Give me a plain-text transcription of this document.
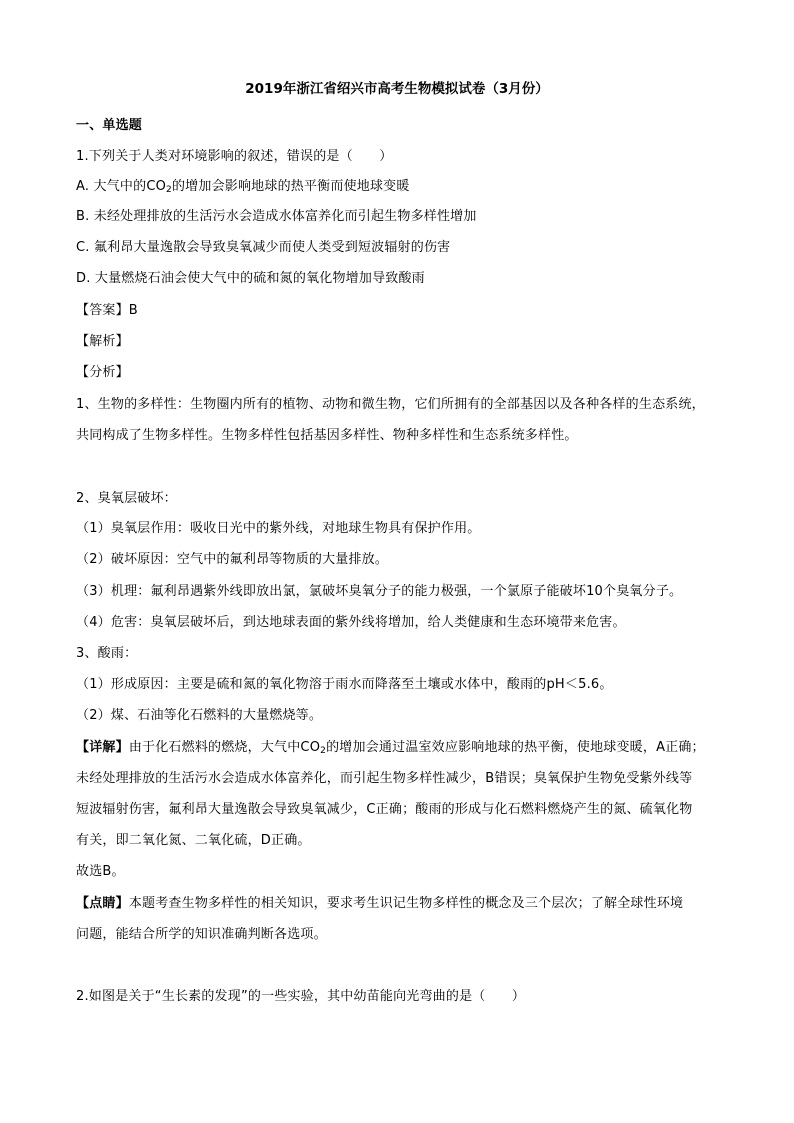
2019年浙江省绍兴市高考生物模拟试卷（3月份）
一、单选题
1.下列关于人类对环境影响的叙述，错误的是（　　）
A. 大气中的$CO_2$的增加会影响地球的热平衡而使地球变暖
B. 未经处理排放的生活污水会造成水体富养化而引起生物多样性增加
C. 氟利昂大量逸散会导致臭氧减少而使人类受到短波辐射的伤害
D. 大量燃烧石油会使大气中的硫和氮的氧化物增加导致酸雨
【答案】B
【解析】
【分析】
1、生物的多样性：生物圈内所有的植物、动物和微生物，它们所拥有的全部基因以及各种各样的生态系统，
共同构成了生物多样性。生物多样性包括基因多样性、物种多样性和生态系统多样性。
2、臭氧层破坏：
（1）臭氧层作用：吸收日光中的紫外线，对地球生物具有保护作用。
（2）破坏原因：空气中的氟利昂等物质的大量排放。
（3）机理：氟利昂遇紫外线即放出氯，氯破坏臭氧分子的能力极强，一个氯原子能破坏10个臭氧分子。
（4）危害：臭氧层破坏后，到达地球表面的紫外线将增加，给人类健康和生态环境带来危害。
3、酸雨：
（1）形成原因：主要是硫和氮的氧化物溶于雨水而降落至土壤或水体中，酸雨的pH＜5.6。
（2）煤、石油等化石燃料的大量燃烧等。
【详解】由于化石燃料的燃烧，大气中$CO_2$的增加会通过温室效应影响地球的热平衡，使地球变暖，A正确；
未经处理排放的生活污水会造成水体富养化，而引起生物多样性减少，B错误；臭氧保护生物免受紫外线等
短波辐射伤害，氟利昂大量逸散会导致臭氧减少，C正确；酸雨的形成与化石燃料燃烧产生的氮、硫氧化物
有关，即二氧化氮、二氧化硫，D正确。
故选B。
【点睛】本题考查生物多样性的相关知识，要求考生识记生物多样性的概念及三个层次；了解全球性环境
问题，能结合所学的知识准确判断各选项。
2.如图是关于“生长素的发现”的一些实验，其中幼苗能向光弯曲的是（　　）
